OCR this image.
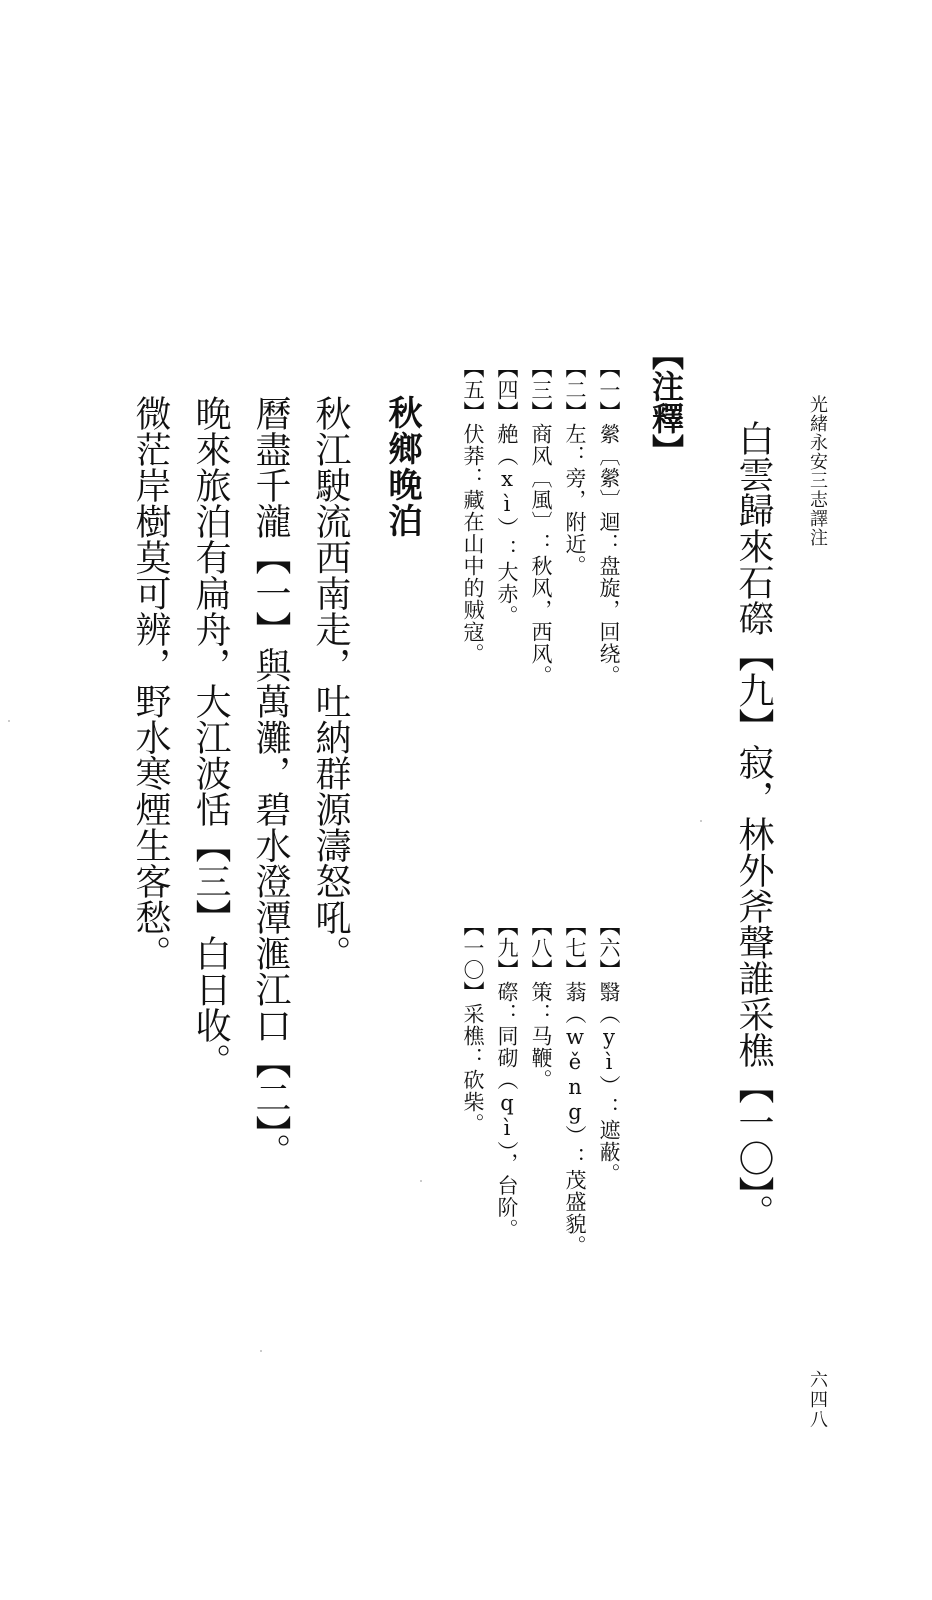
光緒永安三志譯注
白雲歸來石磜【九】寂，林外斧聲誰采樵【一〇】。
【注釋】
【一】縈〔縈〕迴：盘旋，回绕。
【二】左：旁，附近。
【三】商风〔風〕：秋风，西风。
【四】赩（xì）：大赤。
【五】伏莽：藏在山中的贼寇。
【六】翳（yì）：遮蔽。
【七】蓊（wěng）：茂盛貌。
【八】策：马鞭。
【九】磜：同砌（qì），台阶。
【一〇】采樵：砍柴。
秋鄉晚泊
秋江駛流西南走，吐納群源濤怒吼。
曆盡千瀧【一】與萬灘，碧水澄潭滙江口【二】。
晚來旅泊有扁舟，大江波恬【三】白日收。
微茫岸樹莫可辨，野水寒煙生客愁。
六四八
